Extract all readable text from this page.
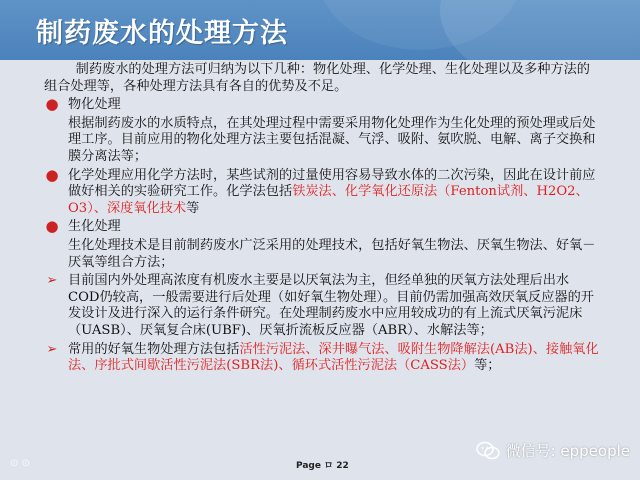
制药废水的处理方法

制药废水的处理方法可归纳为以下几种：物化处理、化学处理、生化处理以及多种方法的组合处理等，各种处理方法具有各自的优势及不足。

● 物化处理

根据制药废水的水质特点，在其处理过程中需要采用物化处理作为生化处理的预处理或后处理工序。目前应用的物化处理方法主要包括混凝、气浮、吸附、氨吹脱、电解、离子交换和膜分离法等；

● 化学处理应用化学方法时，某些试剂的过量使用容易导致水体的二次污染，因此在设计前应做好相关的实验研究工作。化学法包括铁炭法、化学氧化还原法（Fenton试剂、H2O2、O3）、深度氧化技术等
● 生化处理

生化处理技术是目前制药废水广泛采用的处理技术，包括好氧生物法、厌氧生物法、好氧－厌氧等组合方法；

➢ 目前国内外处理高浓度有机废水主要是以厌氧法为主，但经单独的厌氧方法处理后出水COD仍较高，一般需要进行后处理（如好氧生物处理）。目前仍需加强高效厌氧反应器的开发设计及进行深入的运行条件研究。在处理制药废水中应用较成功的有上流式厌氧污泥床（UASB）、厌氧复合床(UBF)、厌氧折流板反应器（ABR）、水解法等；
➢ 常用的好氧生物处理方法包括活性污泥法、深井曝气法、吸附生物降解法(AB法)、接触氧化法、序批式间歇活性污泥法(SBR法)、循环式活性污泥法（CASS法）等；
⊙ ⊙	Page ロ 22
微信号: eppeople
